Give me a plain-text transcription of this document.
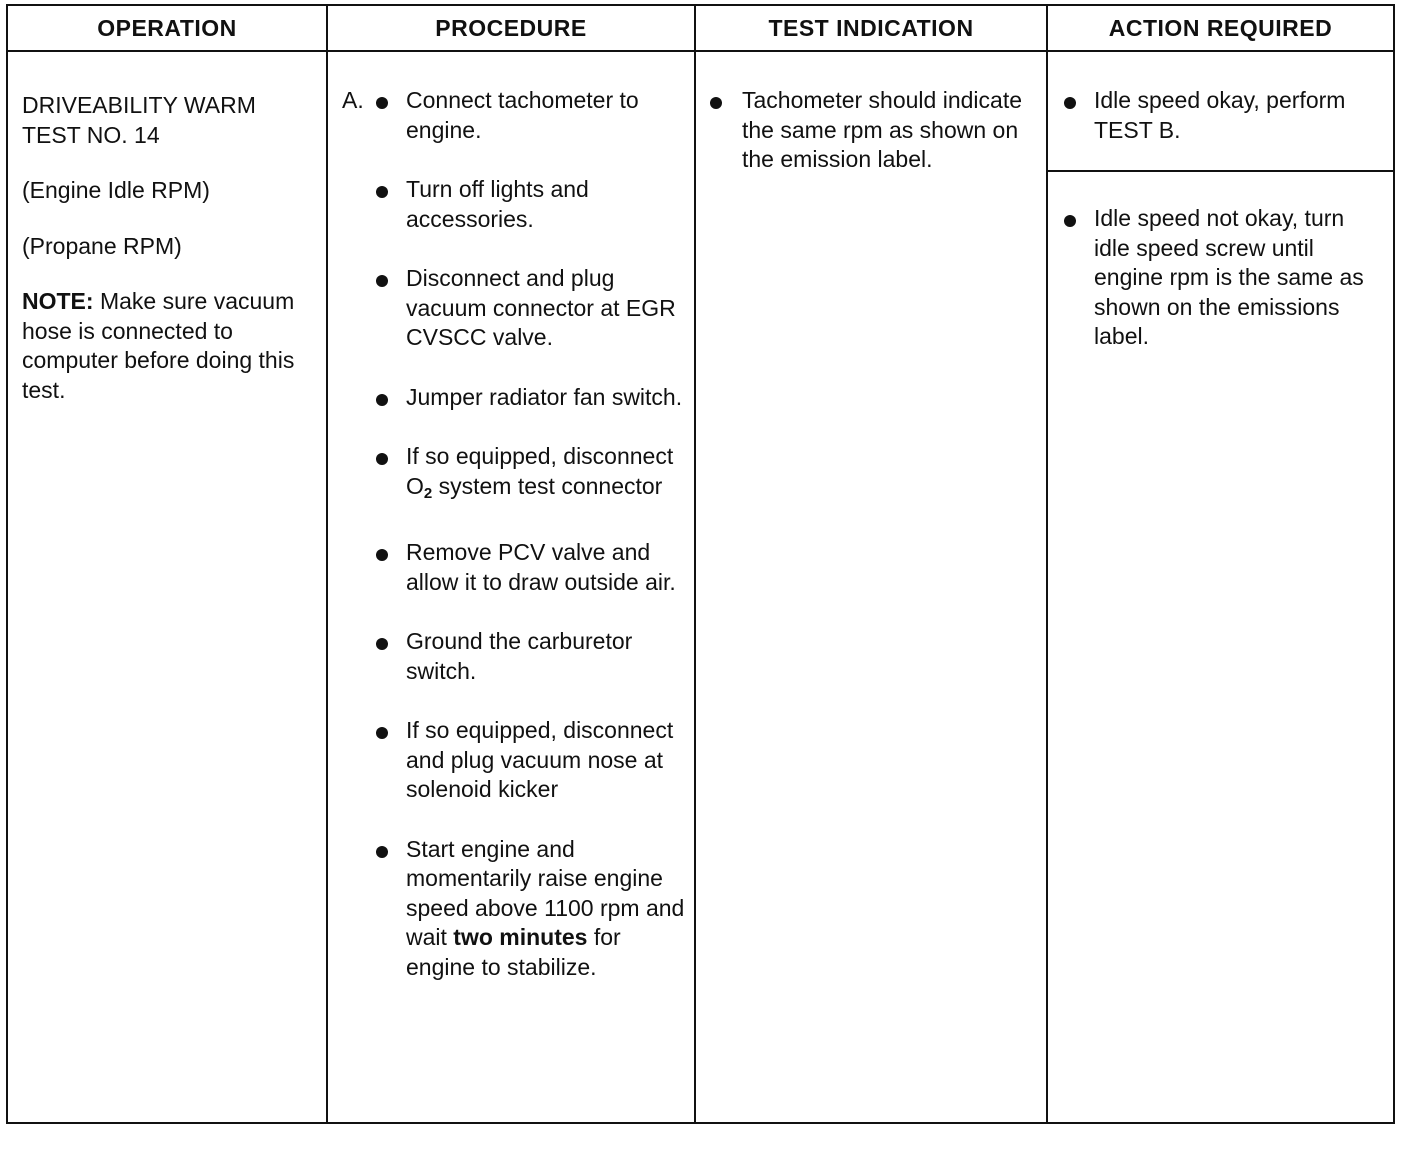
OPERATION

DRIVEABILITY WARM
TEST NO. 14

(Engine Idle RPM)

(Propane RPM)

NOTE: Make sure vacuum hose is connected to computer before doing this test.

PROCEDURE
A. Connect tachometer to engine.
Turn off lights and accessories.
Disconnect and plug vacuum connector at EGR CVSCC valve.
Jumper radiator fan switch.
If so equipped, disconnect $O_2$ system test connector
Remove PCV valve and allow it to draw outside air.
Ground the carburetor switch.
If so equipped, disconnect and plug vacuum nose at solenoid kicker
Start engine and momentarily raise engine speed above 1100 rpm and wait two minutes for engine to stabilize.
TEST INDICATION
Tachometer should indicate the same rpm as shown on the emission label.
ACTION REQUIRED
Idle speed okay, perform TEST B.
Idle speed not okay, turn idle speed screw until engine rpm is the same as shown on the emissions label.
